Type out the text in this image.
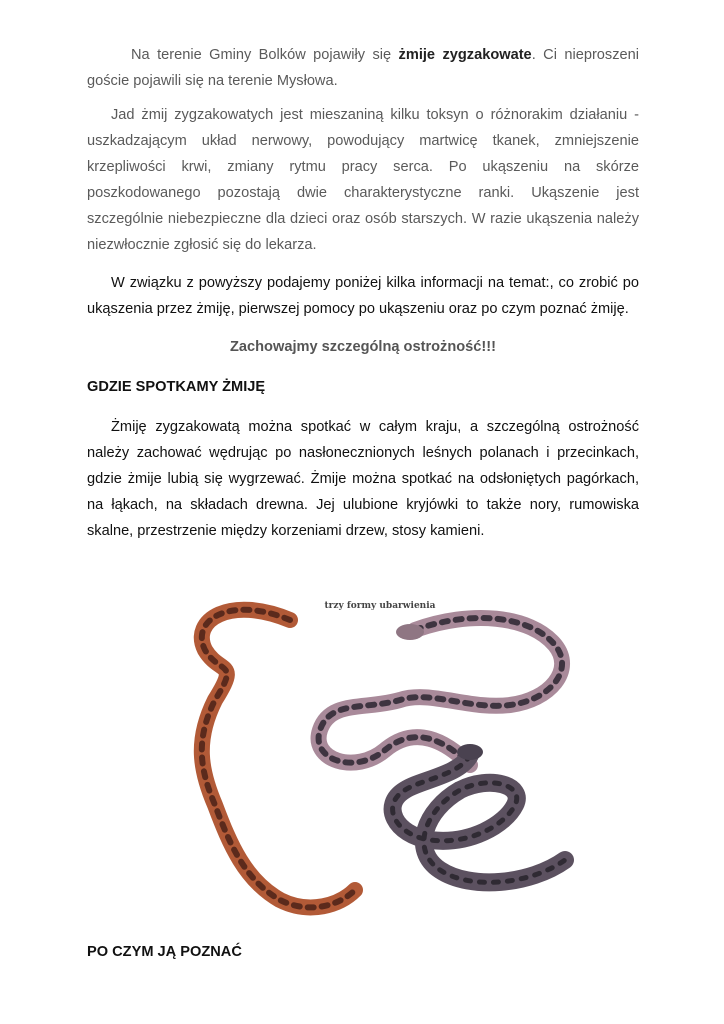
Na terenie Gminy Bolków pojawiły się żmije zygzakowate. Ci nieproszeni goście pojawili się na terenie Mysłowa.

Jad żmij zygzakowatych jest mieszaniną kilku toksyn o różnorakim działaniu - uszkadzającym układ nerwowy, powodujący martwicę tkanek, zmniejszenie krzepliwości krwi, zmiany rytmu pracy serca. Po ukąszeniu na skórze poszkodowanego pozostają dwie charakterystyczne ranki. Ukąszenie jest szczególnie niebezpieczne dla dzieci oraz osób starszych. W razie ukąszenia należy niezwłocznie zgłosić się do lekarza.

W związku z powyższy podajemy poniżej kilka informacji na temat:, co zrobić po ukąszenia przez żmiję, pierwszej pomocy po ukąszeniu oraz po czym poznać żmiję.

Zachowajmy szczególną ostrożność!!!

GDZIE SPOTKAMY ŻMIJĘ

Żmiję zygzakowatą można spotkać w całym kraju, a szczególną ostrożność należy zachować wędrując po nasłonecznionych leśnych polanach i przecinkach, gdzie żmije lubią się wygrzewać. Żmije można spotkać na odsłoniętych pagórkach, na łąkach, na składach drewna. Jej ulubione kryjówki to także nory, rumowiska skalne, przestrzenie między korzeniami drzew, stosy kamieni.

trzy formy ubarwienia
PO CZYM JĄ POZNAĆ
